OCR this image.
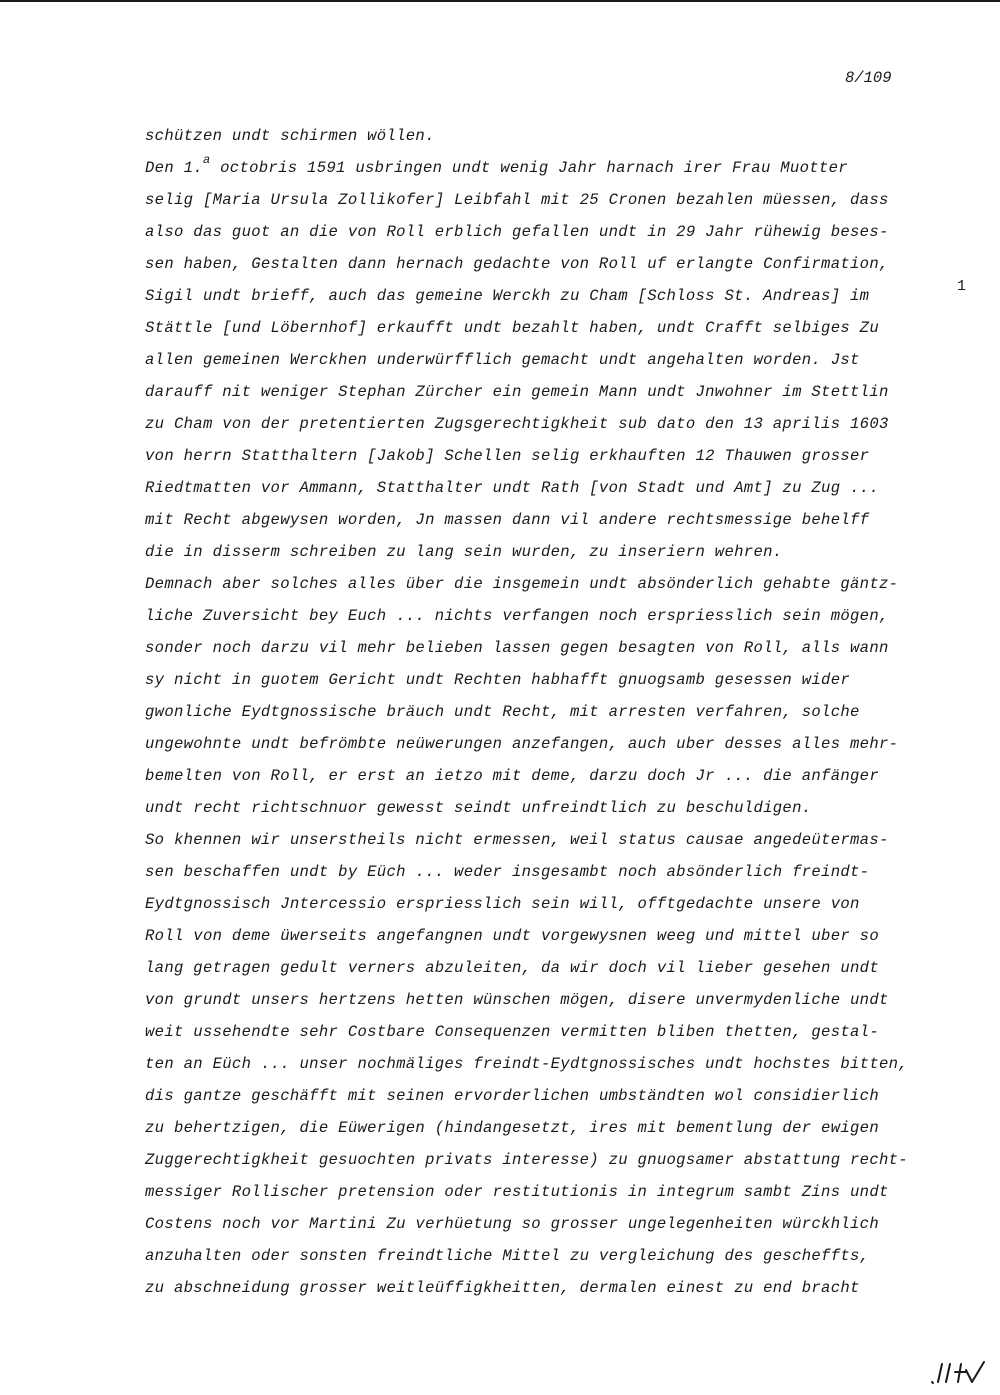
8/109
schützen undt schirmen wöllen.
Den 1.$^a$ octobris 1591 usbringen undt wenig Jahr harnach irer Frau Muotter
selig [Maria Ursula Zollikofer] Leibfahl mit 25 Cronen bezahlen müessen, dass
also das guot an die von Roll erblich gefallen undt in 29 Jahr rühewig beses-
sen haben, Gestalten dann hernach gedachte von Roll uf erlangte Confirmation,
Sigil undt brieff, auch das gemeine Werckh zu Cham [Schloss St. Andreas] im
Stättle [und Löbernhof] erkaufft undt bezahlt haben, undt Crafft selbiges Zu
allen gemeinen Werckhen underwürfflich gemacht undt angehalten worden. Jst
darauff nit weniger Stephan Zürcher ein gemein Mann undt Jnwohner im Stettlin
zu Cham von der pretentierten Zugsgerechtigkheit sub dato den 13 aprilis 1603
von herrn Statthaltern [Jakob] Schellen selig erkhauften 12 Thauwen grosser
Riedtmatten vor Ammann, Statthalter undt Rath [von Stadt und Amt] zu Zug ...
mit Recht abgewysen worden, Jn massen dann vil andere rechtsmessige behelff
die in disserm schreiben zu lang sein wurden, zu inseriern wehren.
Demnach aber solches alles über die insgemein undt absönderlich gehabte gäntz-
liche Zuversicht bey Euch ... nichts verfangen noch erspriesslich sein mögen,
sonder noch darzu vil mehr belieben lassen gegen besagten von Roll, alls wann
sy nicht in guotem Gericht undt Rechten habhafft gnuogsamb gesessen wider
gwonliche Eydtgnossische bräuch undt Recht, mit arresten verfahren, solche
ungewohnte undt befrömbte neüwerungen anzefangen, auch uber desses alles mehr-
bemelten von Roll, er erst an ietzo mit deme, darzu doch Jr ... die anfänger
undt recht richtschnuor gewesst seindt unfreindtlich zu beschuldigen.
So khennen wir unserstheils nicht ermessen, weil status causae angedeütermas-
sen beschaffen undt by Eüch ... weder insgesambt noch absönderlich freindt-
Eydtgnossisch Jntercessio erspriesslich sein will, offtgedachte unsere von
Roll von deme üwerseits angefangnen undt vorgewysnen weeg und mittel uber so
lang getragen gedult verners abzuleiten, da wir doch vil lieber gesehen undt
von grundt unsers hertzens hetten wünschen mögen, disere unvermydenliche undt
weit ussehendte sehr Costbare Consequenzen vermitten bliben thetten, gestal-
ten an Eüch ... unser nochmäliges freindt-Eydtgnossisches undt hochstes bitten,
dis gantze geschäfft mit seinen ervorderlichen umbständten wol considierlich
zu behertzigen, die Eüwerigen (hindangesetzt, ires mit bementlung der ewigen
Zuggerechtigkheit gesuochten privats interesse) zu gnuogsamer abstattung recht-
messiger Rollischer pretension oder restitutionis in integrum sambt Zins undt
Costens noch vor Martini Zu verhüetung so grosser ungelegenheiten würckhlich
anzuhalten oder sonsten freindtliche Mittel zu vergleichung des gescheffts,
zu abschneidung grosser weitleüffigkheitten, dermalen einest zu end bracht
1
